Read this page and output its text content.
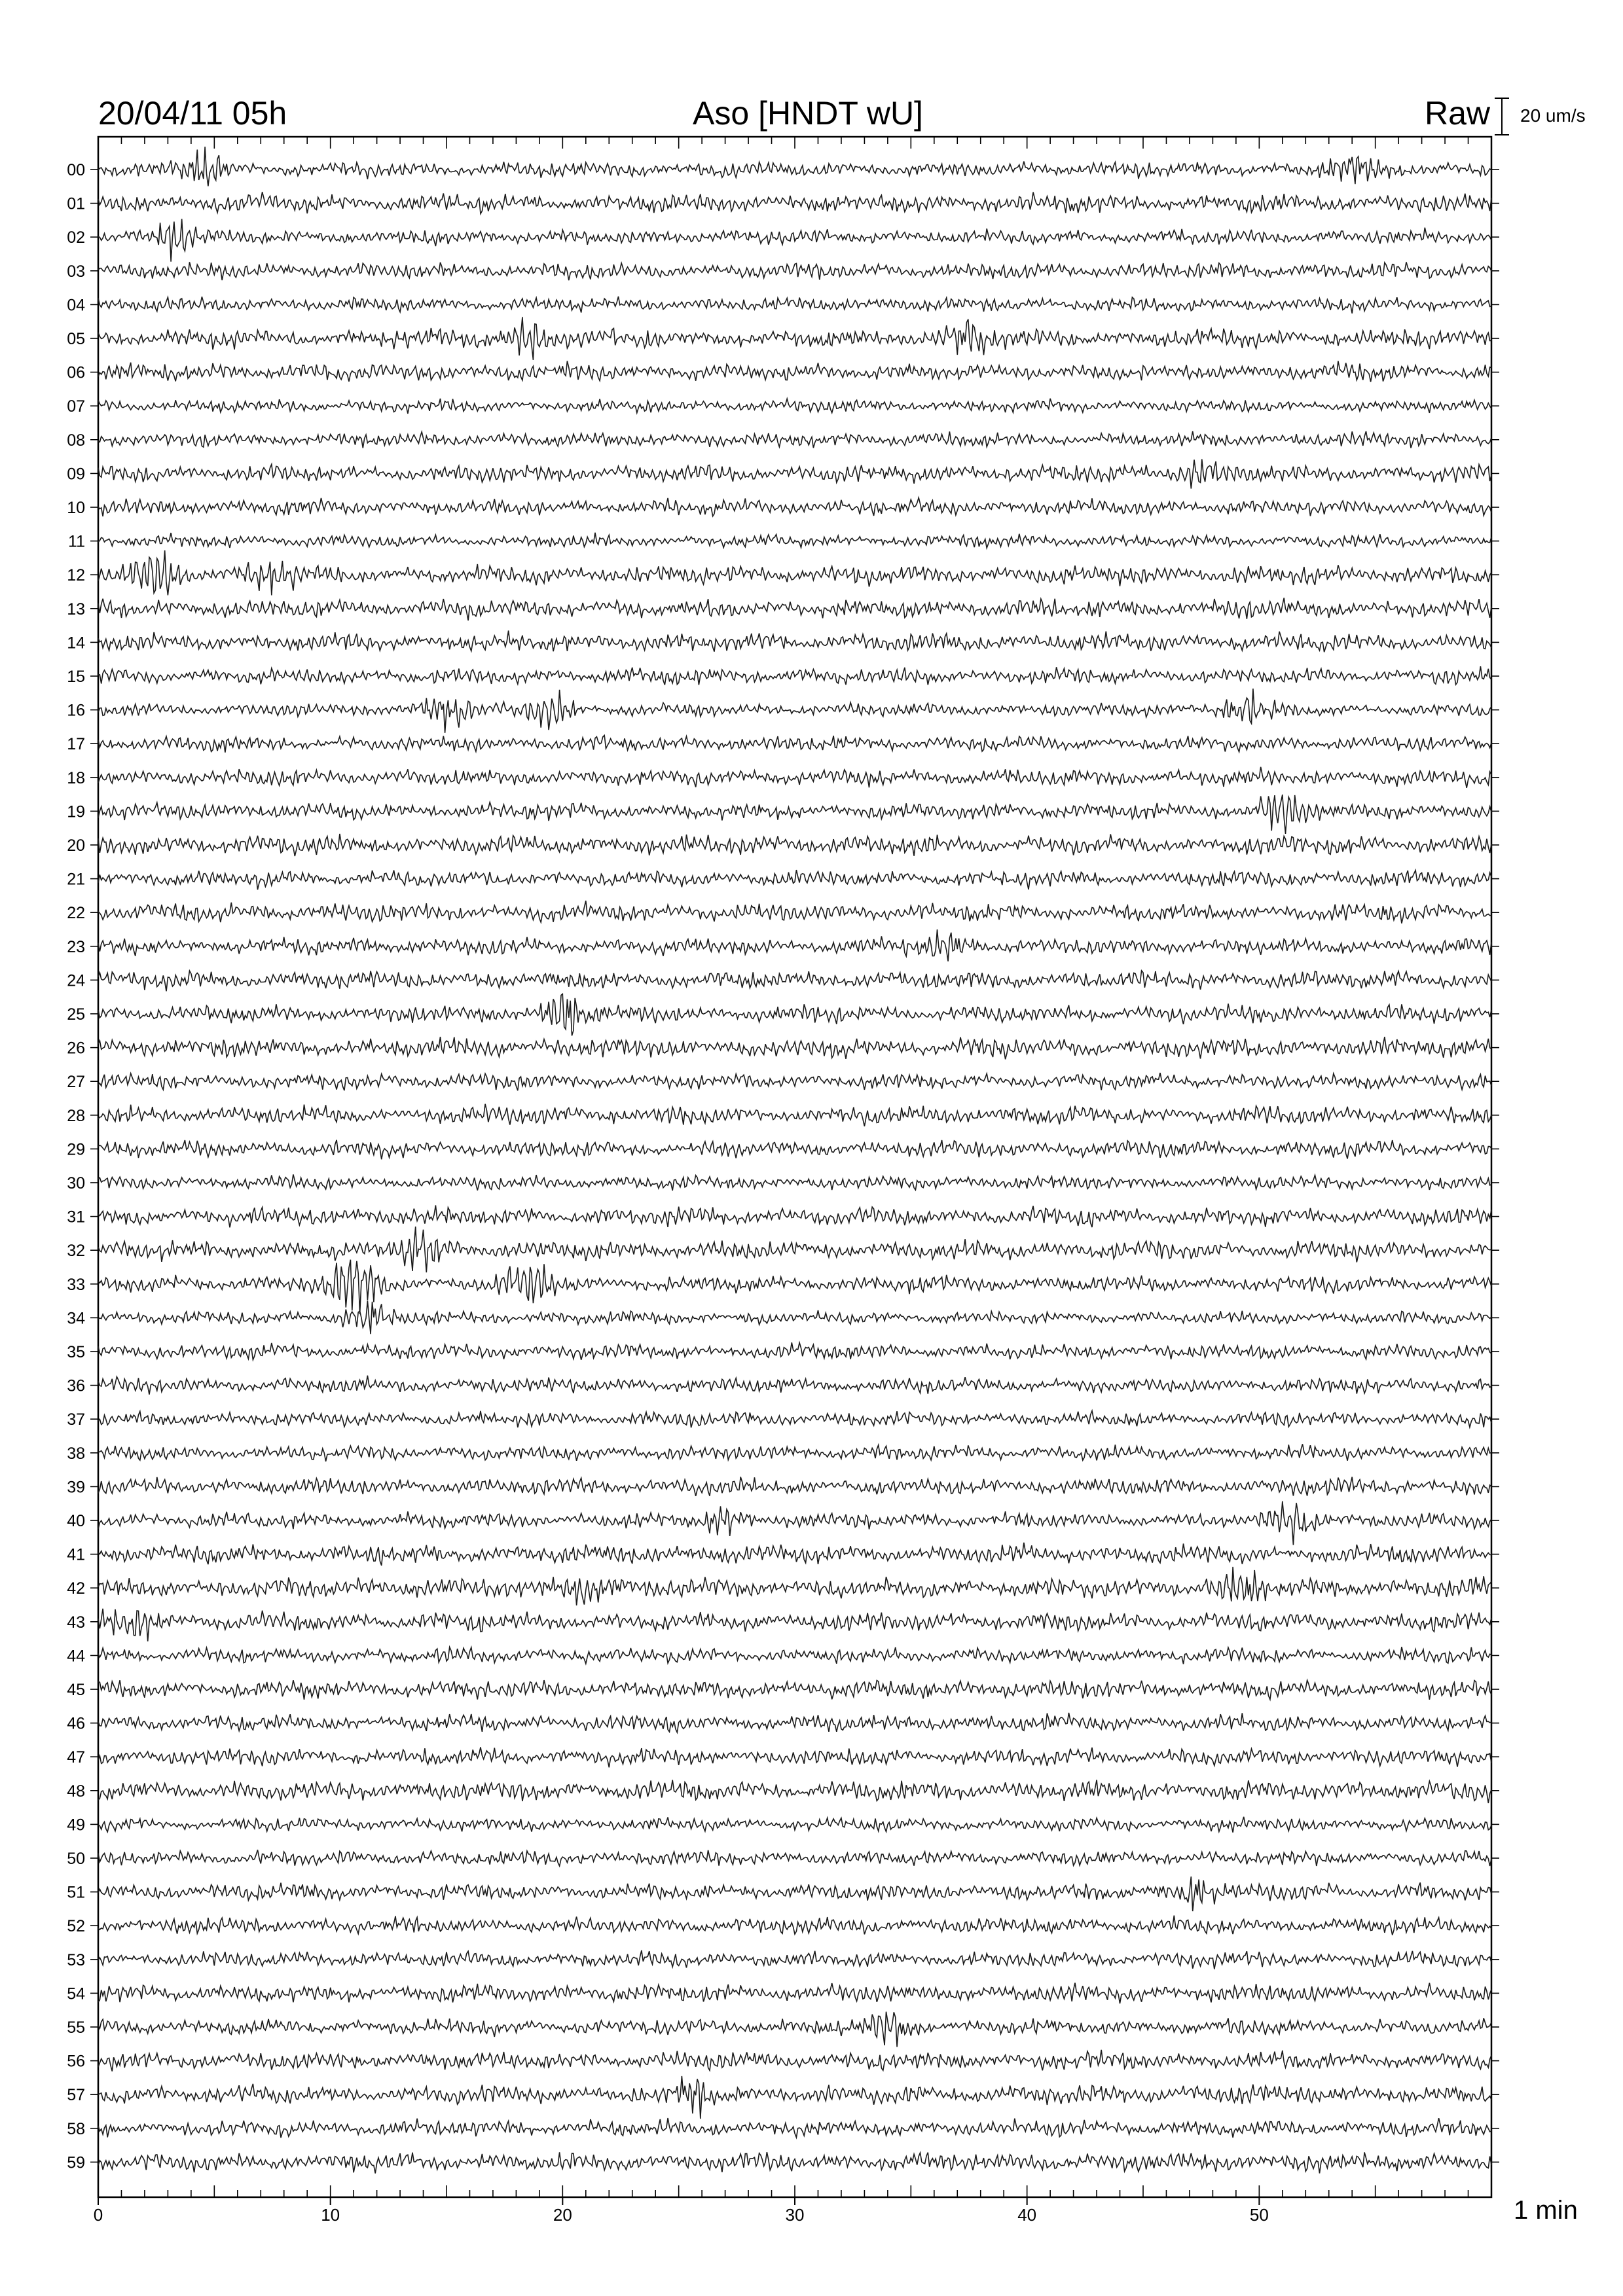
20/04/11 05h	Aso [HNDT wU]	Raw 20 um/s
0	10	20	30	40	50
00
01
02
03
04
05
06
07
08
09
10
11
12
13
14
15
16
17
18
19
20
21
22
23
24
25
26
27
28
29
30
31
32
33
34
35
36
37
38
39
40
41
42
43
44
45
46
47
48
49
50
51
52
53
54
55
56
57
58
59
1 min
